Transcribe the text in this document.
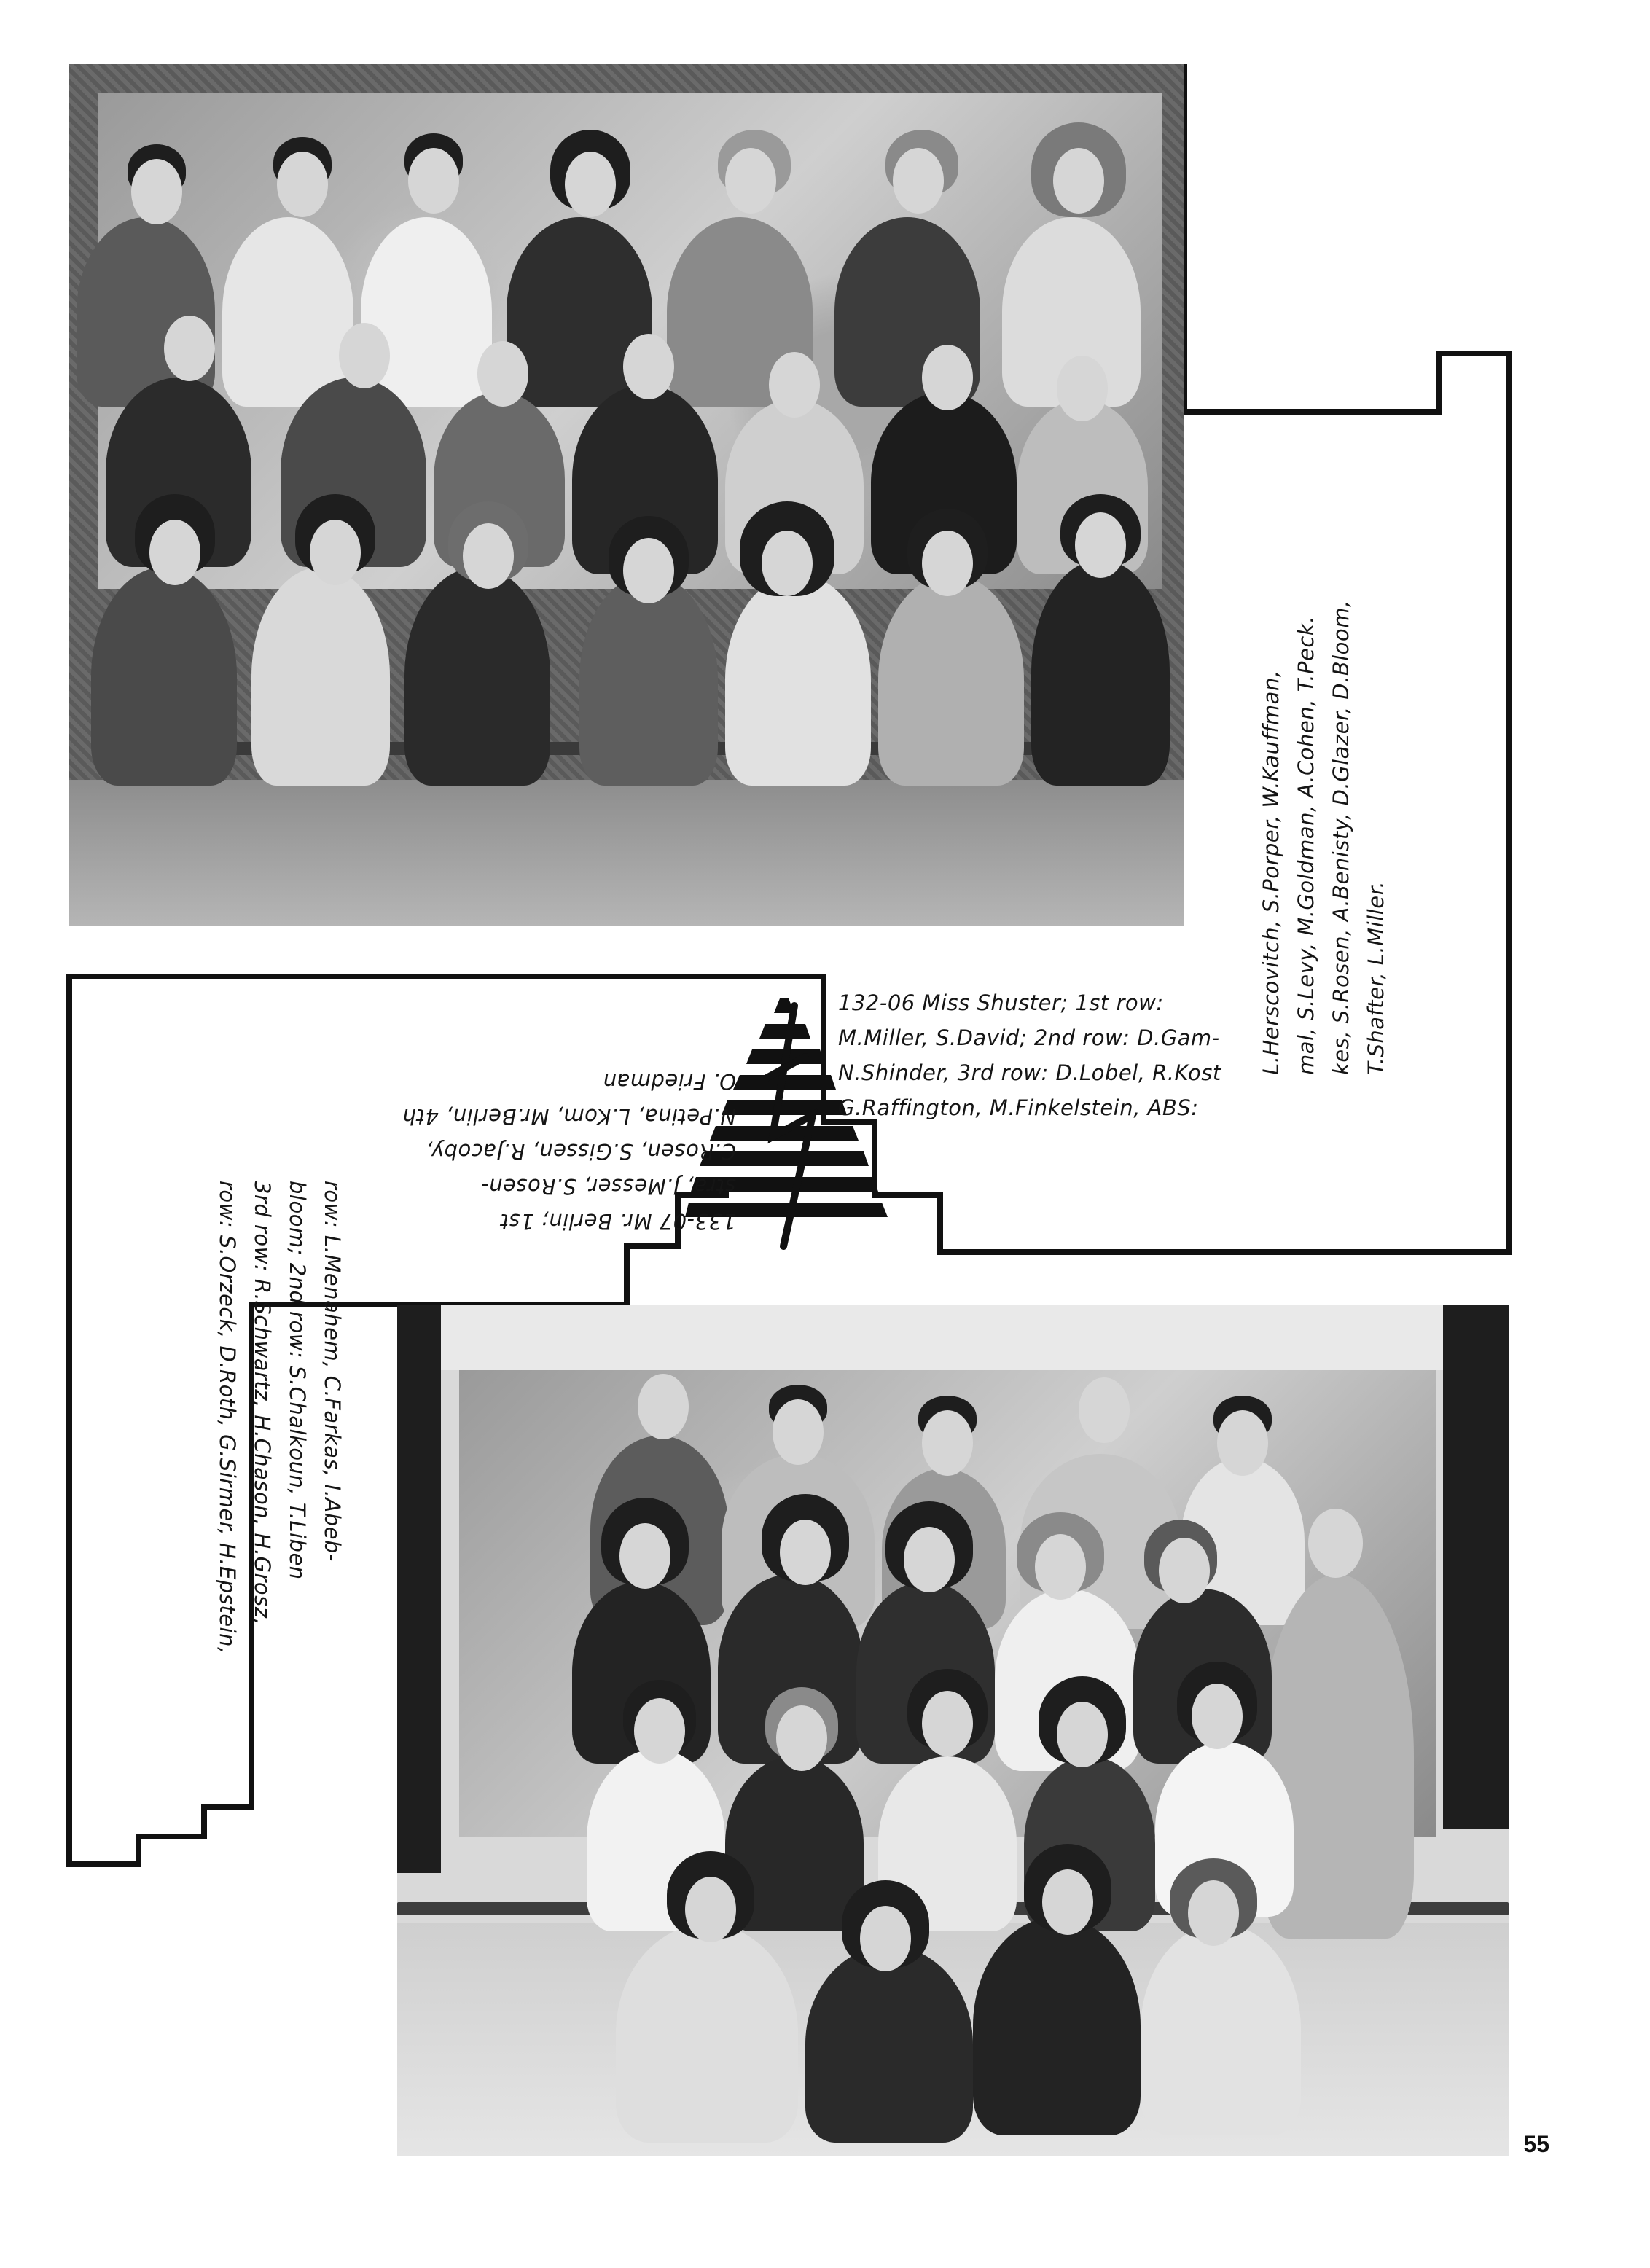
132-06 Miss Shuster; 1st row:
M.Miller, S.David; 2nd row: D.Gam-
N.Shinder, 3rd row: D.Lobel, R.Kost
G.Raffington, M.Finkelstein, ABS:
L.Herscovitch, S.Porper, W.Kauffman, mal, S.Levy, M.Goldman, A.Cohen, T.Peck. kes, S.Rosen, A.Benisty, D.Glazer, D.Bloom, T.Shafter, L.Miller.
133-07 Mr. Berlin; 1st
stra, J.Messer, S.Rosen-
C.Rosen, S.Gissen, R.Jacoby,
N.Petina, L.Kom, Mr.Berlin, 4th
O. Friedman
row: L.Menahem, C.Farkas, I.Abeb-
bloom; 2nd row: S.Chalkoun, T.Liben
3rd row: R.Schwartz, H.Chason, H.Grosz,
row: S.Orzeck, D.Roth, G.Sirmer, H.Epstein,
55
